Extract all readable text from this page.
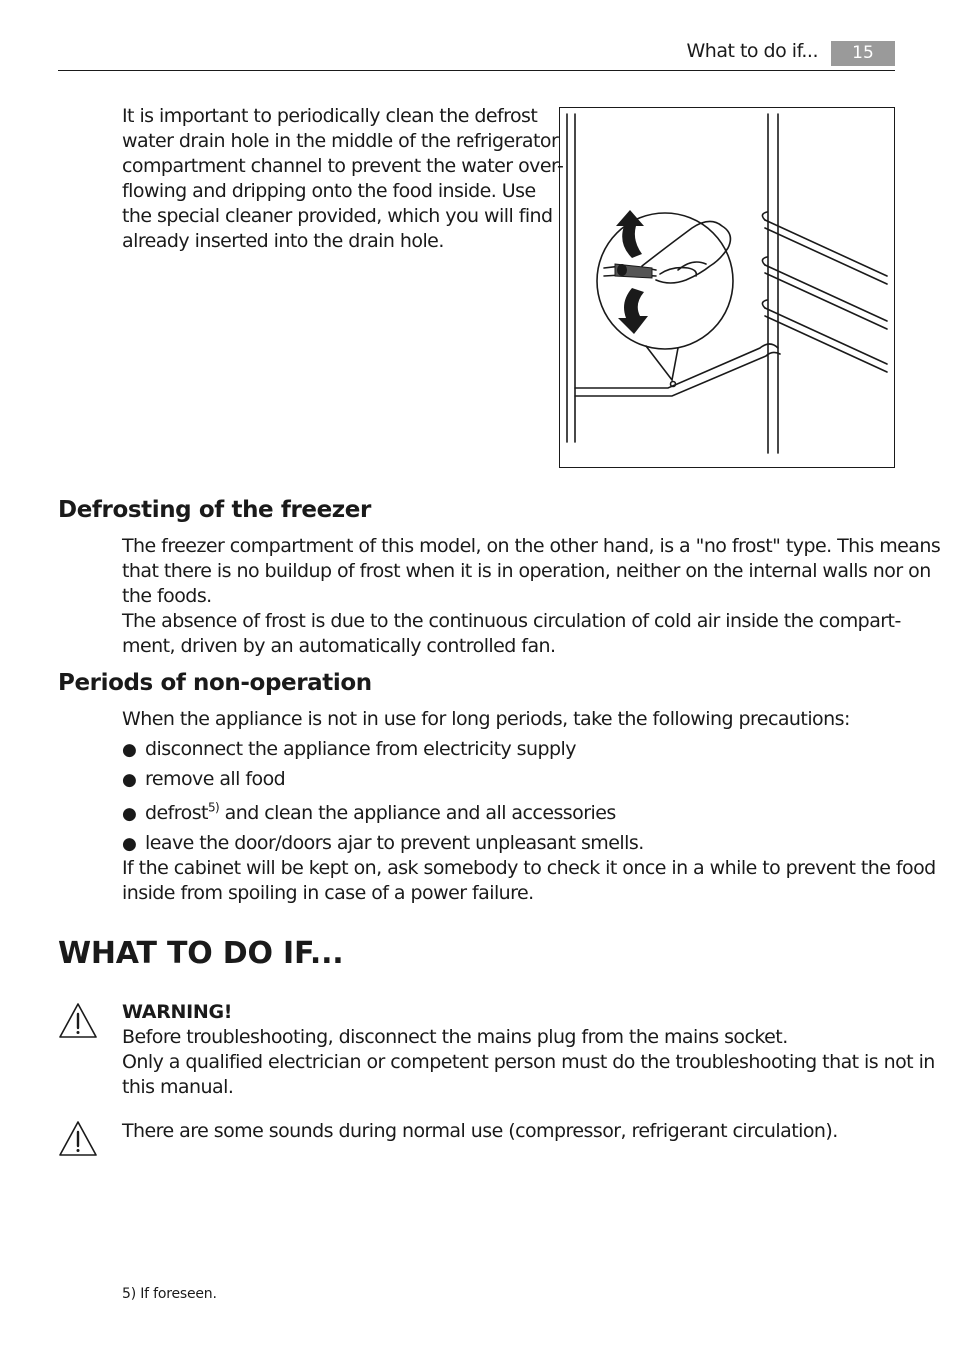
What to do if...	15

It is important to periodically clean the defrost

water drain hole in the middle of the refrigerator

compartment channel to prevent the water over-

flowing and dripping onto the food inside. Use

the special cleaner provided, which you will find

already inserted into the drain hole.

Defrosting of the freezer

The freezer compartment of this model, on the other hand, is a "no frost" type. This means

that there is no buildup of frost when it is in operation, neither on the internal walls nor on

the foods.

The absence of frost is due to the continuous circulation of cold air inside the compart-

ment, driven by an automatically controlled fan.

Periods of non-operation

When the appliance is not in use for long periods, take the following precautions:

● disconnect the appliance from electricity supply
● remove all food
● defrost$^{5)}$ and clean the appliance and all accessories
● leave the door/doors ajar to prevent unpleasant smells.

If the cabinet will be kept on, ask somebody to check it once in a while to prevent the food

inside from spoiling in case of a power failure.

WHAT TO DO IF...

WARNING!

Before troubleshooting, disconnect the mains plug from the mains socket.

Only a qualified electrician or competent person must do the troubleshooting that is not in

this manual.

There are some sounds during normal use (compressor, refrigerant circulation).

5) If foreseen.
